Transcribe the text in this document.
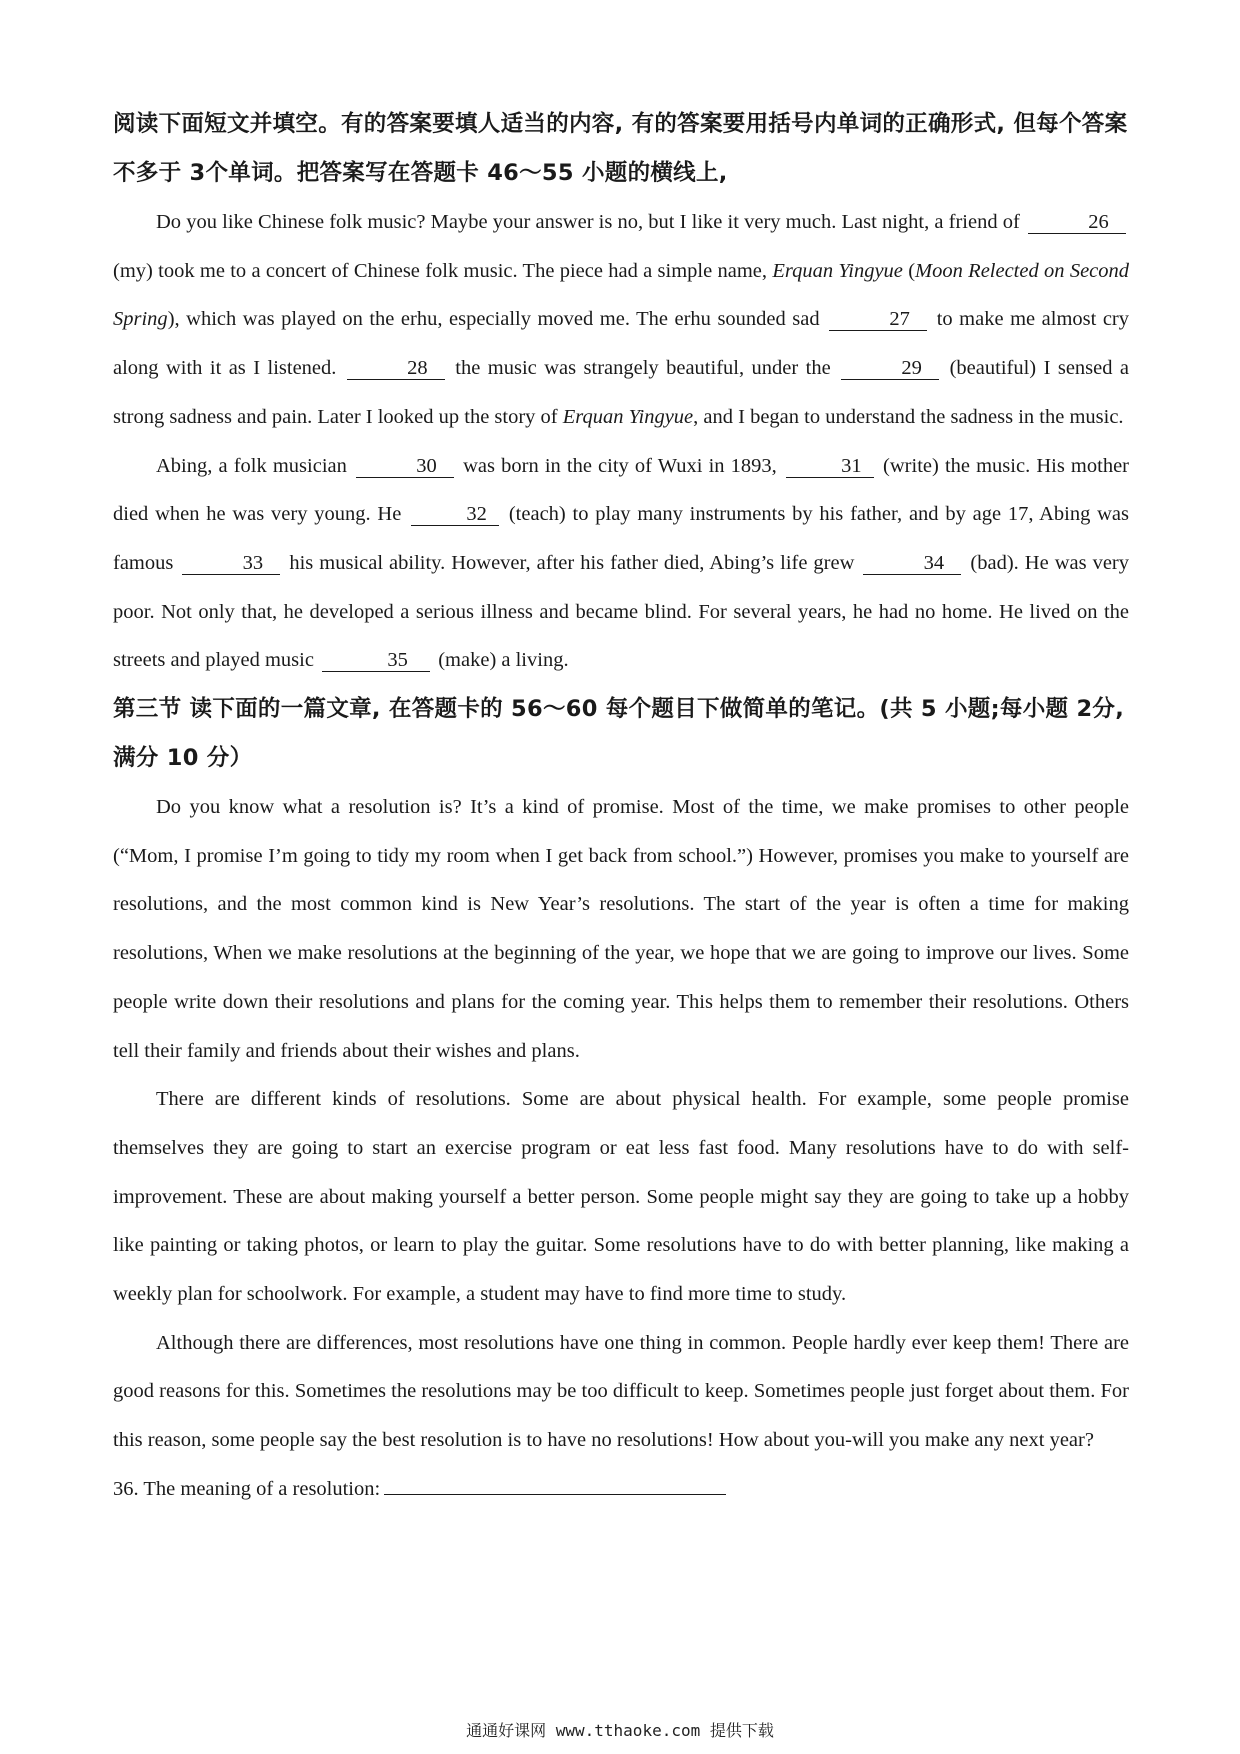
阅读下面短文并填空。有的答案要填人适当的内容, 有的答案要用括号内单词的正确形式, 但每个答案不多于 3个单词。把答案写在答题卡 46～55 小题的横线上,

Do you like Chinese folk music? Maybe your answer is no, but I like it very much. Last night, a friend of	26 (my) took me to a concert of Chinese folk music. The piece had a simple name, Erquan Yingyue (Moon Relected on Second Spring), which was played on the erhu, especially moved me. The erhu sounded sad	27 to make me almost cry along with it as I listened.	28 the music was strangely beautiful, under the	29 (beautiful) I sensed a strong sadness and pain. Later I looked up the story of Erquan Yingyue, and I began to understand the sadness in the music.

Abing, a folk musician	30 was born in the city of Wuxi in 1893,	31 (write) the music. His mother died when he was very young. He	32 (teach) to play many instruments by his father, and by age 17, Abing was famous	33 his musical ability. However, after his father died, Abing’s life grew	34 (bad). He was very poor. Not only that, he developed a serious illness and became blind. For several years, he had no home. He lived on the streets and played music	35 (make) a living.

第三节 读下面的一篇文章, 在答题卡的 56～60 每个题目下做简单的笔记。(共 5 小题;每小题 2分, 满分 10 分）

Do you know what a resolution is? It’s a kind of promise. Most of the time, we make promises to other people (“Mom, I promise I’m going to tidy my room when I get back from school.”) However, promises you make to yourself are resolutions, and the most common kind is New Year’s resolutions. The start of the year is often a time for making resolutions, When we make resolutions at the beginning of the year, we hope that we are going to improve our lives. Some people write down their resolutions and plans for the coming year. This helps them to remember their resolutions. Others tell their family and friends about their wishes and plans.

There are different kinds of resolutions. Some are about physical health. For example, some people promise themselves they are going to start an exercise program or eat less fast food. Many resolutions have to do with self-improvement. These are about making yourself a better person. Some people might say they are going to take up a hobby like painting or taking photos, or learn to play the guitar. Some resolutions have to do with better planning, like making a weekly plan for schoolwork. For example, a student may have to find more time to study.

Although there are differences, most resolutions have one thing in common. People hardly ever keep them! There are good reasons for this. Sometimes the resolutions may be too difficult to keep. Sometimes people just forget about them. For this reason, some people say the best resolution is to have no resolutions! How about you-will you make any next year?

36. The meaning of a resolution:

通通好课网 www.tthaoke.com 提供下载
